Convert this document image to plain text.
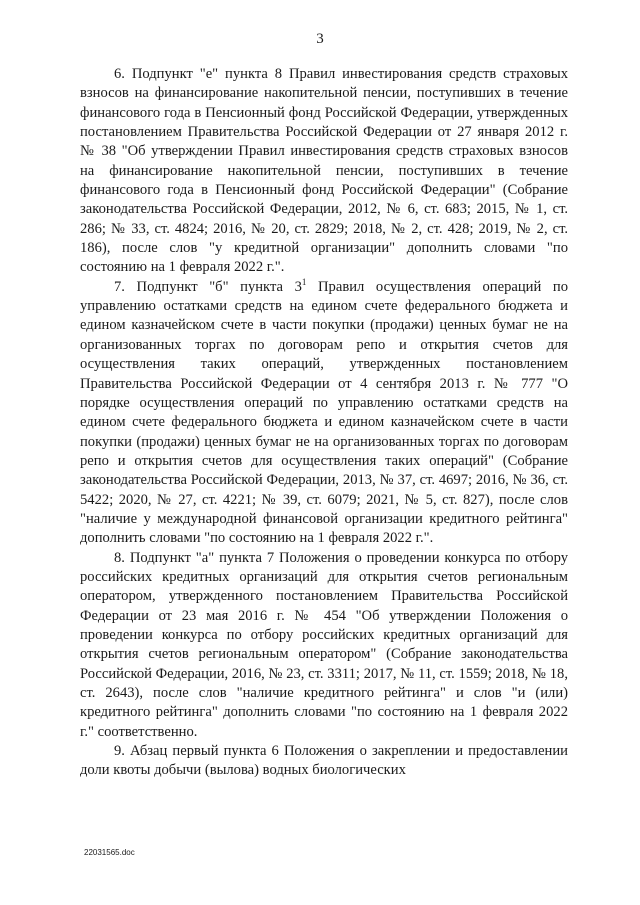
3

6. Подпункт "е" пункта 8 Правил инвестирования средств страховых взносов на финансирование накопительной пенсии, поступивших в течение финансового года в Пенсионный фонд Российской Федерации, утвержденных постановлением Правительства Российской Федерации от 27 января 2012 г. № 38 "Об утверждении Правил инвестирования средств страховых взносов на финансирование накопительной пенсии, поступивших в течение финансового года в Пенсионный фонд Российской Федерации" (Собрание законодательства Российской Федерации, 2012, № 6, ст. 683; 2015, № 1, ст. 286; № 33, ст. 4824; 2016, № 20, ст. 2829; 2018, № 2, ст. 428; 2019, № 2, ст. 186), после слов "у кредитной организации" дополнить словами "по состоянию на 1 февраля 2022 г.".

7. Подпункт "б" пункта $3^1$ Правил осуществления операций по управлению остатками средств на едином счете федерального бюджета и едином казначейском счете в части покупки (продажи) ценных бумаг не на организованных торгах по договорам репо и открытия счетов для осуществления таких операций, утвержденных постановлением Правительства Российской Федерации от 4 сентября 2013 г. № 777 "О порядке осуществления операций по управлению остатками средств на едином счете федерального бюджета и едином казначейском счете в части покупки (продажи) ценных бумаг не на организованных торгах по договорам репо и открытия счетов для осуществления таких операций" (Собрание законодательства Российской Федерации, 2013, № 37, ст. 4697; 2016, № 36, ст. 5422; 2020, № 27, ст. 4221; № 39, ст. 6079; 2021, № 5, ст. 827), после слов "наличие у международной финансовой организации кредитного рейтинга" дополнить словами "по состоянию на 1 февраля 2022 г.".

8. Подпункт "а" пункта 7 Положения о проведении конкурса по отбору российских кредитных организаций для открытия счетов региональным оператором, утвержденного постановлением Правительства Российской Федерации от 23 мая 2016 г. № 454 "Об утверждении Положения о проведении конкурса по отбору российских кредитных организаций для открытия счетов региональным оператором" (Собрание законодательства Российской Федерации, 2016, № 23, ст. 3311; 2017, № 11, ст. 1559; 2018, № 18, ст. 2643), после слов "наличие кредитного рейтинга" и слов "и (или) кредитного рейтинга" дополнить словами "по состоянию на 1 февраля 2022 г." соответственно.

9. Абзац первый пункта 6 Положения о закреплении и предоставлении доли квоты добычи (вылова) водных биологических

22031565.doc
